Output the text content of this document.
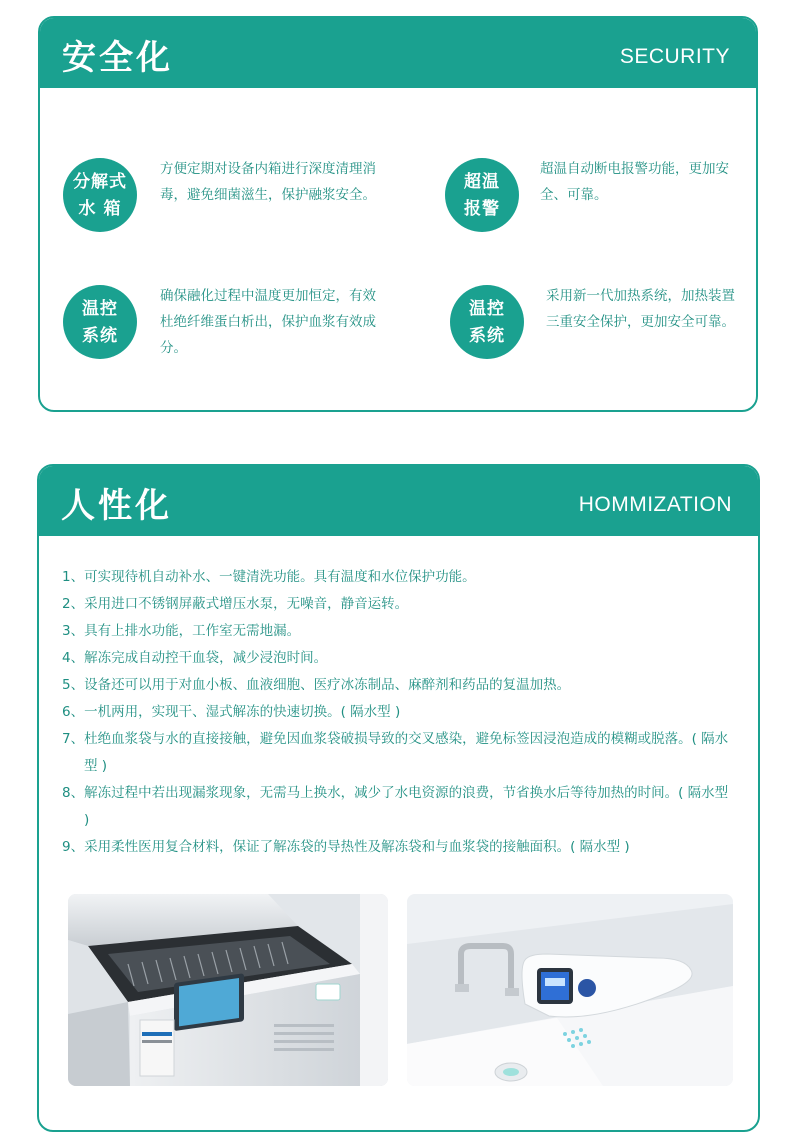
安全化	SECURITY
分解式
水 箱
方便定期对设备内箱进行深度清理消毒，避免细菌滋生，保护融浆安全。
超温
报警
超温自动断电报警功能，更加安全、可靠。
温控
系统
确保融化过程中温度更加恒定，有效杜绝纤维蛋白析出，保护血浆有效成分。
温控
系统
采用新一代加热系统，加热装置三重安全保护，更加安全可靠。
人性化	HOMMIZATION
1、可实现待机自动补水、一键清洗功能。具有温度和水位保护功能。
2、采用进口不锈钢屏蔽式增压水泵，无噪音，静音运转。
3、具有上排水功能，工作室无需地漏。
4、解冻完成自动控干血袋，减少浸泡时间。
5、设备还可以用于对血小板、血液细胞、医疗冰冻制品、麻醉剂和药品的复温加热。
6、一机两用，实现干、湿式解冻的快速切换。( 隔水型 )
7、杜绝血浆袋与水的直接接触，避免因血浆袋破损导致的交叉感染，避免标签因浸泡造成的模糊或脱落。( 隔水型 )
8、解冻过程中若出现漏浆现象，无需马上换水，减少了水电资源的浪费，节省换水后等待加热的时间。( 隔水型 )
9、采用柔性医用复合材料，保证了解冻袋的导热性及解冻袋和与血浆袋的接触面积。( 隔水型 )
